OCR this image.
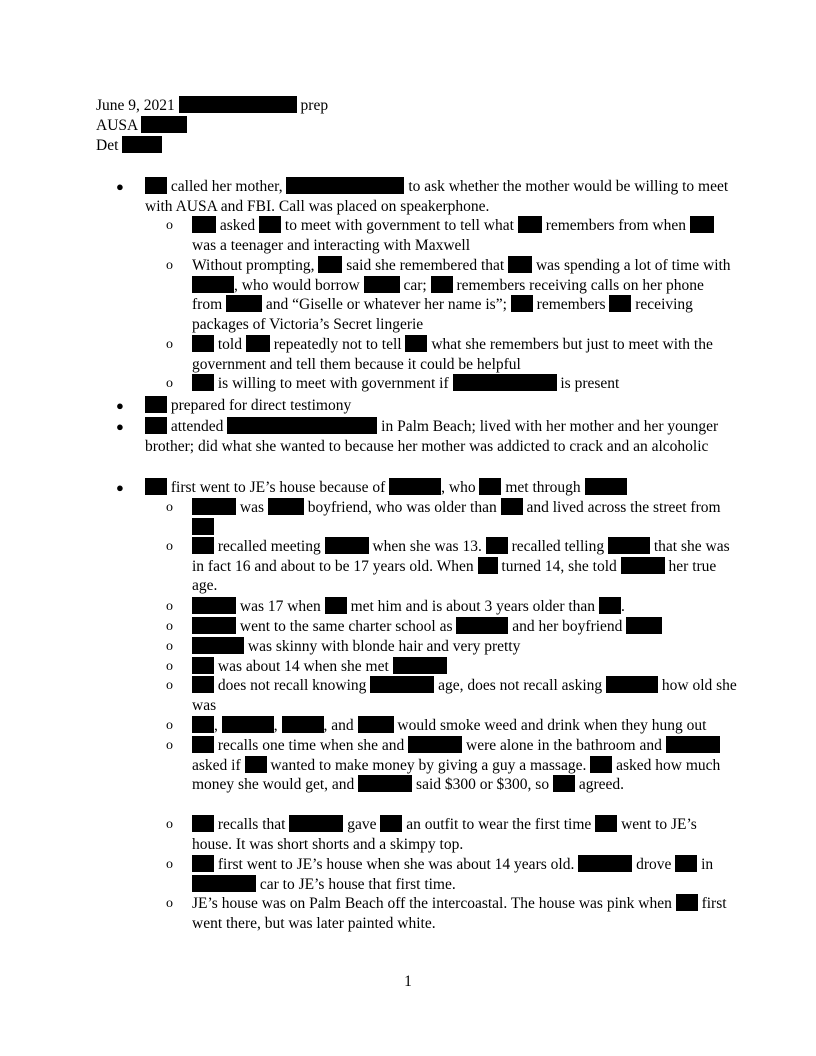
June 9, 2021	prep
AUSA
Det
●	called her mother,	to ask whether the mother would be willing to meet with AUSA and FBI. Call was placed on speakerphone.
o	asked to meet with government to tell what remembers from when  was a teenager and interacting with Maxwell
o Without prompting, said she remembered that was spending a lot of time with , who would borrow	car; remembers receiving calls on her phone from	and “Giselle or whatever her name is”; remembers receiving packages of Victoria’s Secret lingerie
o	told repeatedly not to tell what she remembers but just to meet with the government and tell them because it could be helpful
o	is willing to meet with government if	is present
●	prepared for direct testimony
●	attended	in Palm Beach; lived with her mother and her younger brother; did what she wanted to because her mother was addicted to crack and an alcoholic
●	first went to JE’s house because of	, who met through
o	was	boyfriend, who was older than and lived across the street from
o	recalled meeting	when she was 13. recalled telling	that she was in fact 16 and about to be 17 years old. When turned 14, she told	her true age.
o	was 17 when met him and is about 3 years older than .
o	went to the same charter school as	and her boyfriend
o	was skinny with blonde hair and very pretty
o	was about 14 when she met
o	does not recall knowing	age, does not recall asking	how old she was
o	,	,	, and	would smoke weed and drink when they hung out
o	recalls one time when she and	were alone in the bathroom and  asked if wanted to make money by giving a guy a massage. asked how much money she would get, and	said $300 or $300, so agreed.
o	recalls that	gave an outfit to wear the first time went to JE’s house. It was short shorts and a skimpy top.
o	first went to JE’s house when she was about 14 years old.	drove in  car to JE’s house that first time.
o JE’s house was on Palm Beach off the intercoastal. The house was pink when first went there, but was later painted white.
1
